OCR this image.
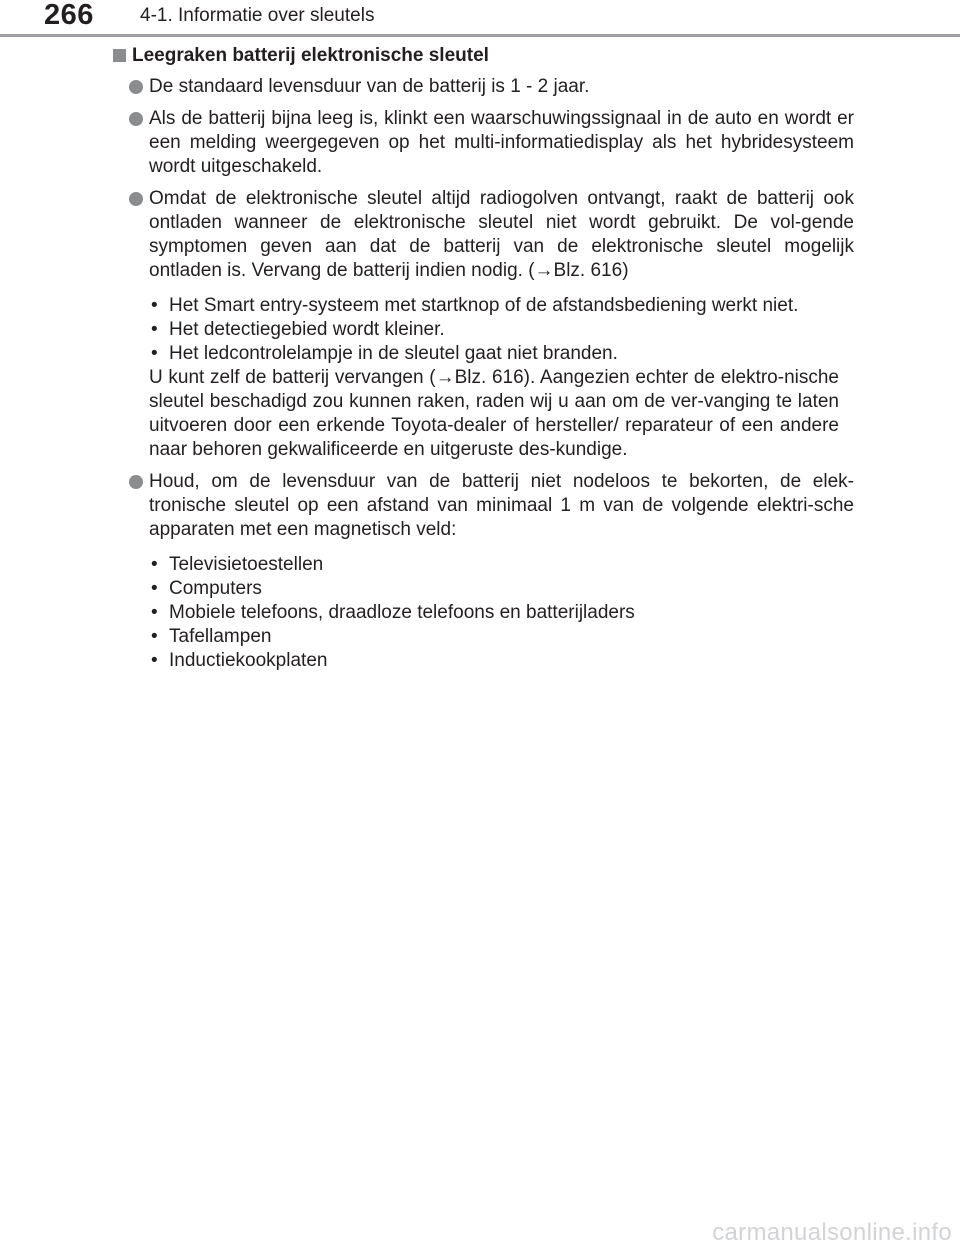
266 4-1. Informatie over sleutels
Leegraken batterij elektronische sleutel
De standaard levensduur van de batterij is 1 - 2 jaar.
Als de batterij bijna leeg is, klinkt een waarschuwingssignaal in de auto en wordt er een melding weergegeven op het multi-informatiedisplay als het hybridesysteem wordt uitgeschakeld.
Omdat de elektronische sleutel altijd radiogolven ontvangt, raakt de batterij ook ontladen wanneer de elektronische sleutel niet wordt gebruikt. De vol-gende symptomen geven aan dat de batterij van de elektronische sleutel mogelijk ontladen is. Vervang de batterij indien nodig. (→Blz. 616)
• Het Smart entry-systeem met startknop of de afstandsbediening werkt niet.
• Het detectiegebied wordt kleiner.
• Het ledcontrolelampje in de sleutel gaat niet branden.
U kunt zelf de batterij vervangen (→Blz. 616). Aangezien echter de elektro-nische sleutel beschadigd zou kunnen raken, raden wij u aan om de ver-vanging te laten uitvoeren door een erkende Toyota-dealer of hersteller/ reparateur of een andere naar behoren gekwalificeerde en uitgeruste des-kundige.
Houd, om de levensduur van de batterij niet nodeloos te bekorten, de elek-tronische sleutel op een afstand van minimaal 1 m van de volgende elektri-sche apparaten met een magnetisch veld:
• Televisietoestellen
• Computers
• Mobiele telefoons, draadloze telefoons en batterijladers
• Tafellampen
• Inductiekookplaten
carmanualsonline.info
